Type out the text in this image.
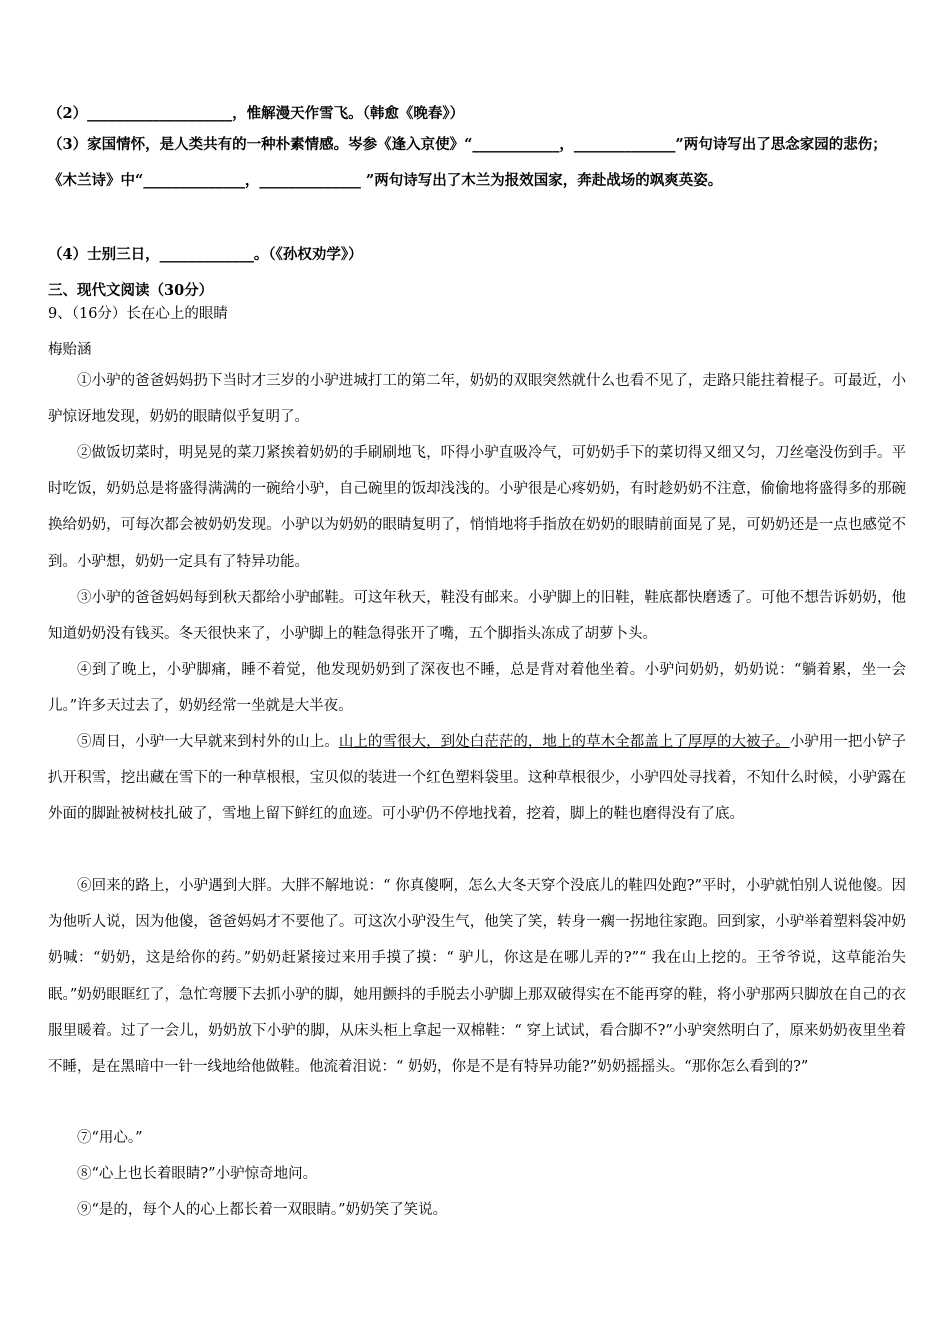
（2）____________________，惟解漫天作雪飞。（韩愈《晚春》）
（3）家国情怀，是人类共有的一种朴素情感。岑参《逢入京使》“____________，______________”两句诗写出了思念家园的悲伤；《木兰诗》中“______________，______________ ”两句诗写出了木兰为报效国家，奔赴战场的飒爽英姿。
（4）士别三日，_____________。（《孙权劝学》）
三、现代文阅读（30分）
9、（16分）长在心上的眼睛
梅贻涵
①小驴的爸爸妈妈扔下当时才三岁的小驴进城打工的第二年，奶奶的双眼突然就什么也看不见了，走路只能拄着棍子。可最近，小驴惊讶地发现，奶奶的眼睛似乎复明了。
②做饭切菜时，明晃晃的菜刀紧挨着奶奶的手刷刷地飞，吓得小驴直吸冷气，可奶奶手下的菜切得又细又匀，刀丝毫没伤到手。平时吃饭，奶奶总是将盛得满满的一碗给小驴，自己碗里的饭却浅浅的。小驴很是心疼奶奶，有时趁奶奶不注意，偷偷地将盛得多的那碗换给奶奶，可每次都会被奶奶发现。小驴以为奶奶的眼睛复明了，悄悄地将手指放在奶奶的眼睛前面晃了晃，可奶奶还是一点也感觉不到。小驴想，奶奶一定具有了特异功能。
③小驴的爸爸妈妈每到秋天都给小驴邮鞋。可这年秋天，鞋没有邮来。小驴脚上的旧鞋，鞋底都快磨透了。可他不想告诉奶奶，他知道奶奶没有钱买。冬天很快来了，小驴脚上的鞋急得张开了嘴，五个脚指头冻成了胡萝卜头。
④到了晚上，小驴脚痛，睡不着觉，他发现奶奶到了深夜也不睡，总是背对着他坐着。小驴问奶奶，奶奶说：“躺着累，坐一会儿。”许多天过去了，奶奶经常一坐就是大半夜。
⑤周日，小驴一大早就来到村外的山上。山上的雪很大，到处白茫茫的，地上的草木全都盖上了厚厚的大被子。小驴用一把小铲子扒开积雪，挖出藏在雪下的一种草根根，宝贝似的装进一个红色塑料袋里。这种草根很少，小驴四处寻找着，不知什么时候，小驴露在外面的脚趾被树枝扎破了，雪地上留下鲜红的血迹。可小驴仍不停地找着，挖着，脚上的鞋也磨得没有了底。
⑥回来的路上，小驴遇到大胖。大胖不解地说：“ 你真傻啊，怎么大冬天穿个没底儿的鞋四处跑?”平时，小驴就怕别人说他傻。因为他听人说，因为他傻，爸爸妈妈才不要他了。可这次小驴没生气，他笑了笑，转身一瘸一拐地往家跑。回到家，小驴举着塑料袋冲奶奶喊：“奶奶，这是给你的药。”奶奶赶紧接过来用手摸了摸：“ 驴儿，你这是在哪儿弄的?”“ 我在山上挖的。王爷爷说，这草能治失眠。”奶奶眼眶红了，急忙弯腰下去抓小驴的脚，她用颤抖的手脱去小驴脚上那双破得实在不能再穿的鞋，将小驴那两只脚放在自己的衣服里暖着。过了一会儿，奶奶放下小驴的脚，从床头柜上拿起一双棉鞋：“ 穿上试试，看合脚不?”小驴突然明白了，原来奶奶夜里坐着不睡，是在黑暗中一针一线地给他做鞋。他流着泪说：“ 奶奶，你是不是有特异功能?”奶奶摇摇头。“那你怎么看到的?”
⑦“用心。”
⑧“心上也长着眼睛?”小驴惊奇地问。
⑨“是的，每个人的心上都长着一双眼睛。”奶奶笑了笑说。
